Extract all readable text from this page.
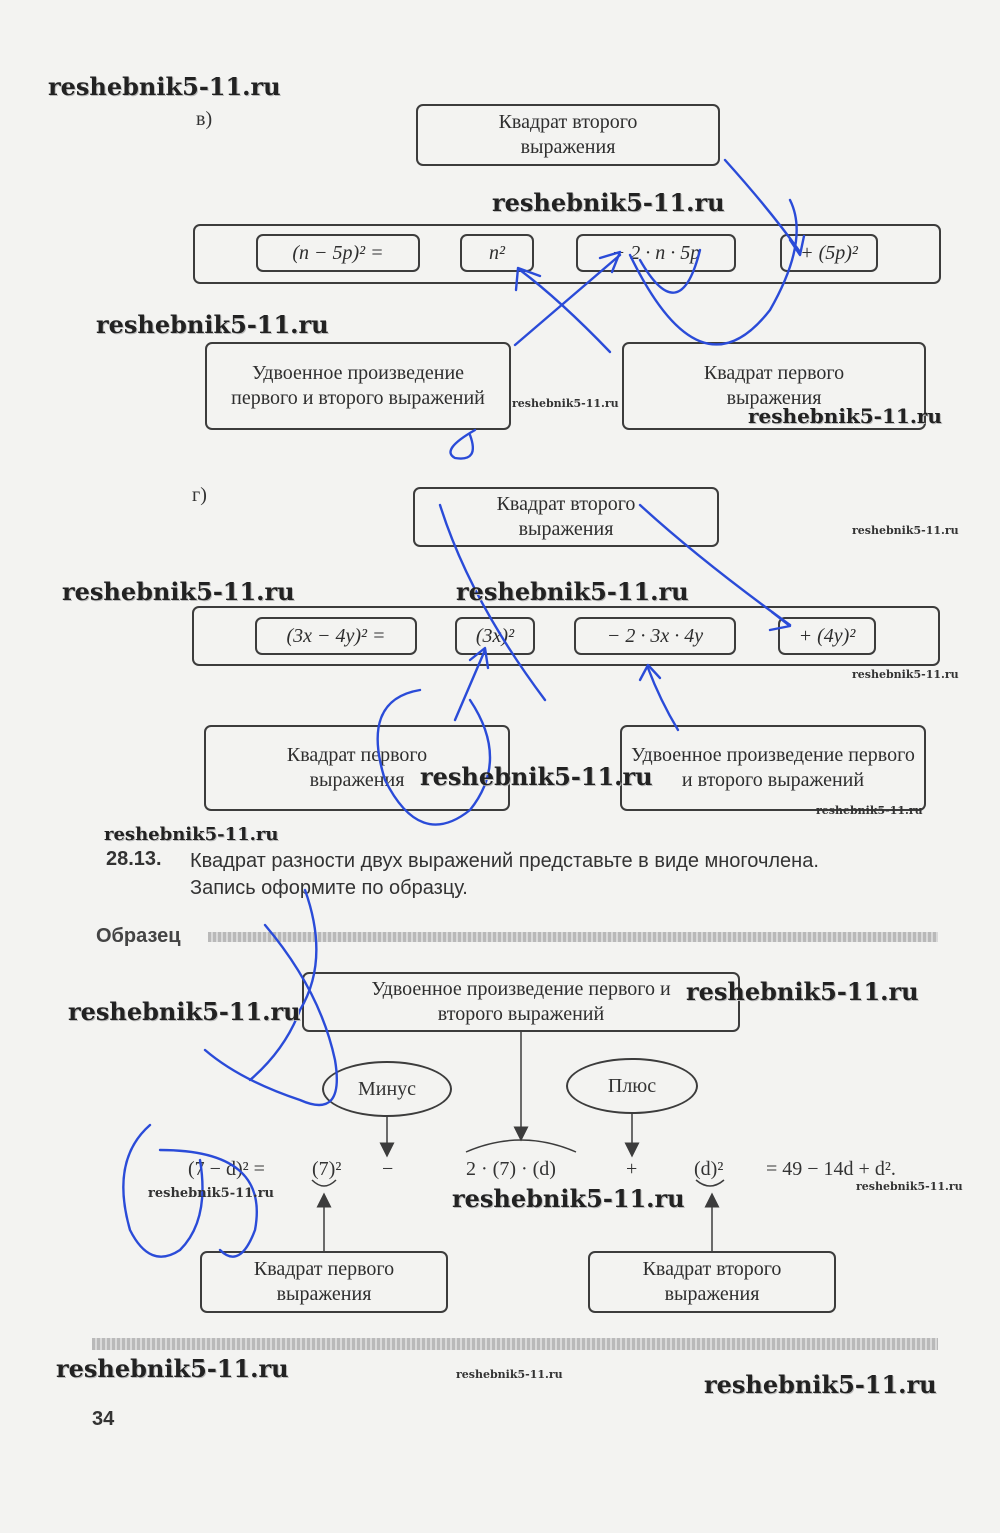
в)	Квадрат второго выражения
(n − 5p)² =	n²	− 2 · n · 5p	+ (5p)²
Удвоенное произведение первого и второго выражений
Квадрат первого выражения
г)	Квадрат второго выражения
(3x − 4y)² =	(3x)²	− 2 · 3x · 4y	+ (4y)²
Квадрат первого выражения
Удвоенное произведение первого и второго выражений
28.13. Квадрат разности двух выражений представьте в виде многочлена.
Запись оформите по образцу.
Образец
Удвоенное произведение первого и второго выражений
Минус	Плюс
(7 − d)² = (7)² −	2 · (7) · (d)	+	(d)² = 49 − 14d + d².
Квадрат первого выражения
Квадрат второго выражения
34
reshebnik5-11.ru
reshebnik5-11.ru
reshebnik5-11.ru
reshebnik5-11.ru
reshebnik5-11.ru
reshebnik5-11.ru
reshebnik5-11.ru	reshebnik5-11.ru
reshebnik5-11.ru
reshebnik5-11.ru
reshebnik5-11.ru
reshebnik5-11.ru
reshebnik5-11.ru
reshebnik5-11.ru
reshebnik5-11.ru	reshebnik5-11.ru
reshebnik5-11.ru
reshebnik5-11.ru	reshebnik5-11.ru	reshebnik5-11.ru
